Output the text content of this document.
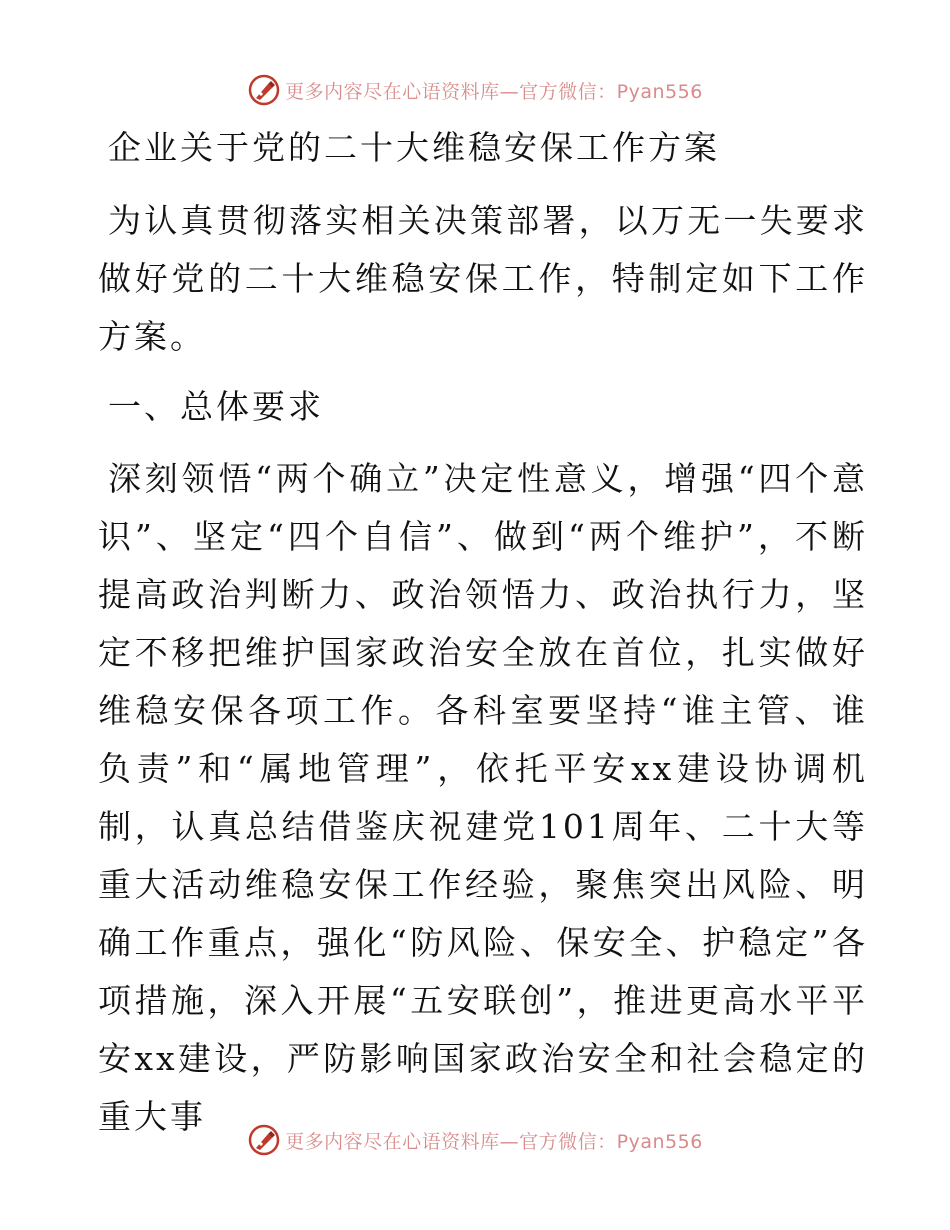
更多内容尽在心语资料库—官方微信：Pyan556
企业关于党的二十大维稳安保工作方案

为认真贯彻落实相关决策部署，以万无一失要求做好党的二十大维稳安保工作，特制定如下工作方案。

一、总体要求

深刻领悟“两个确立”决定性意义，增强“四个意识”、坚定“四个自信”、做到“两个维护”，不断提高政治判断力、政治领悟力、政治执行力，坚定不移把维护国家政治安全放在首位，扎实做好维稳安保各项工作。各科室要坚持“谁主管、谁负责”和“属地管理”，依托平安xx建设协调机制，认真总结借鉴庆祝建党101周年、二十大等重大活动维稳安保工作经验，聚焦突出风险、明确工作重点，强化“防风险、保安全、护稳定”各项措施，深入开展“五安联创”，推进更高水平平安xx建设，严防影响国家政治安全和社会稳定的重大事

更多内容尽在心语资料库—官方微信：Pyan556
